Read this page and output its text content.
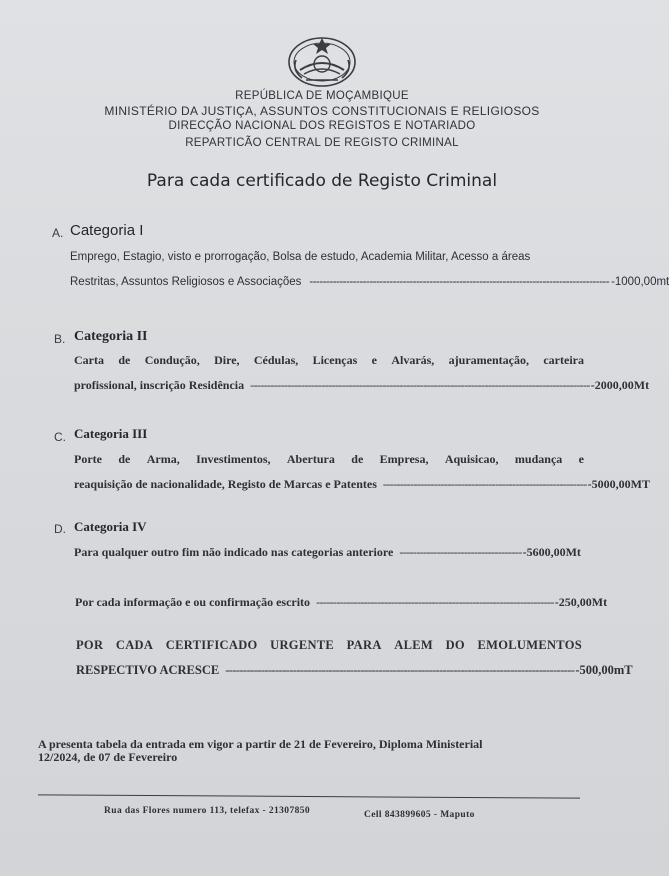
REPÚBLICA DE MOÇAMBIQUE
MINISTÉRIO DA JUSTIÇA, ASSUNTOS CONSTITUCIONAIS E RELIGIOSOS
DIRECÇÃO NACIONAL DOS REGISTOS E NOTARIADO
REPARTICÃO CENTRAL DE REGISTO CRIMINAL
Para cada certificado de Registo Criminal
A. Categoria I
Emprego, Estagio, visto e prorrogação, Bolsa de estudo, Academia Militar, Acesso a áreas
Restritas, Assuntos Religiosos e Associações ------------------------------------------------------------------------------------------ -1000,00mt
B. Categoria II
Carta de Condução, Dire, Cédulas, Licenças e Alvarás, ajuramentação, carteira
profissional, inscrição Residência ---------------------------------------------------------------------------------------------------- -2000,00Mt
C. Categoria III
Porte de Arma, Investimentos, Abertura de Empresa, Aquisicao, mudança e
reaquisição de nacionalidade, Registo de Marcas e Patentes ------------------------------------------------------------ -5000,00MT
D. Categoria IV
Para qualquer outro fim não indicado nas categorias anteriore ------------------------------------ -5600,00Mt
Por cada informação e ou confirmação escrito ---------------------------------------------------------------------- -250,00Mt
POR CADA CERTIFICADO URGENTE PARA ALEM DO EMOLUMENTOS
RESPECTIVO ACRESCE -------------------------------------------------------------------------------------------------- -500,00mT
A presenta tabela da entrada em vigor a partir de 21 de Fevereiro, Diploma Ministerial
12/2024, de 07 de Fevereiro
Rua das Flores numero 113, telefax - 21307850	Cell 843899605 - Maputo
